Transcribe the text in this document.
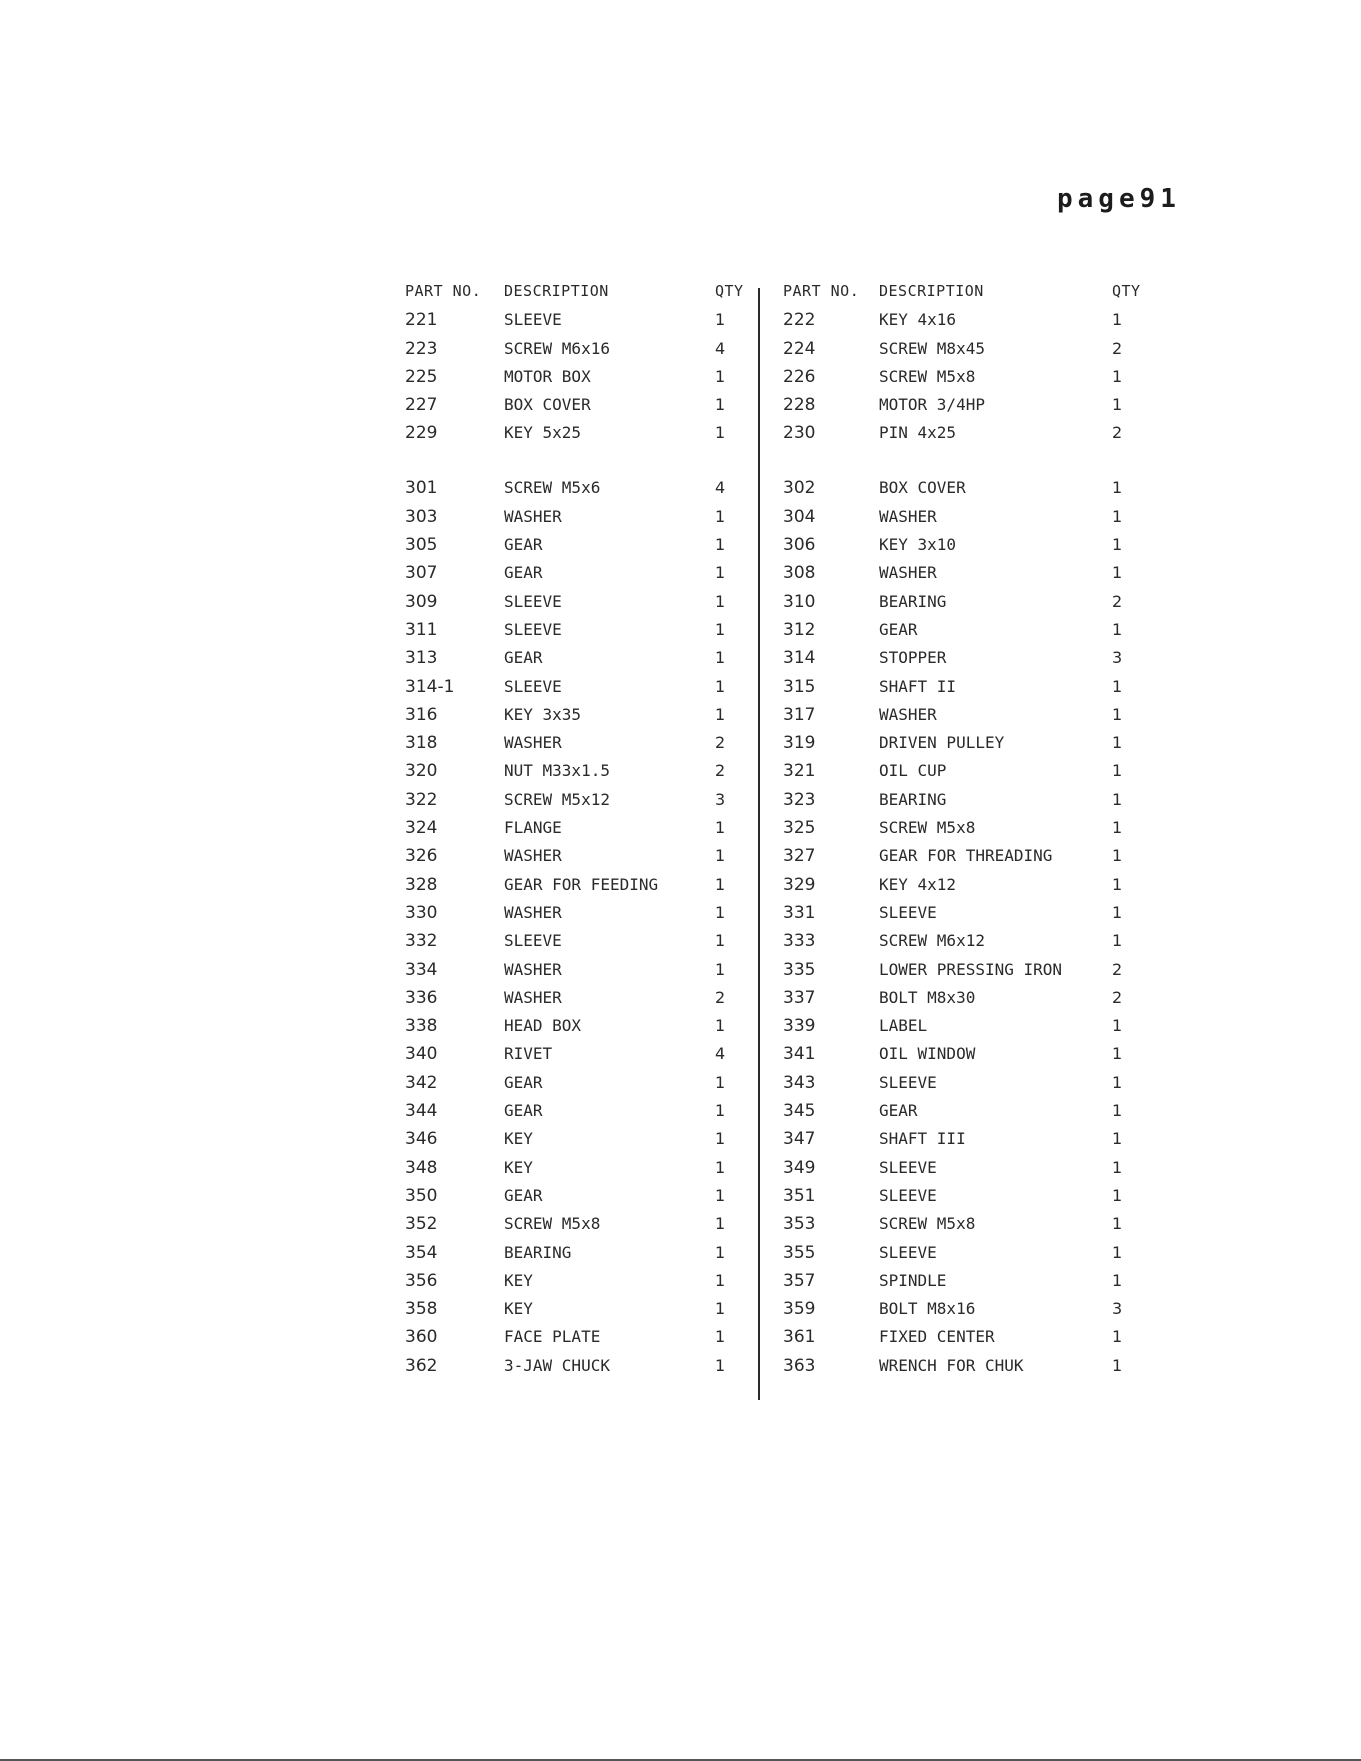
page91
PART NO. DESCRIPTION	QTY	PART NO. DESCRIPTION	QTY
221	SLEEVE	1	222	KEY 4x16	1
223	SCREW M6x16	4	224	SCREW M8x45	2
225	MOTOR BOX	1	226	SCREW M5x8	1
227	BOX COVER	1	228	MOTOR 3/4HP	1
229	KEY 5x25	1	230	PIN 4x25	2
301	SCREW M5x6	4	302	BOX COVER	1
303	WASHER	1	304	WASHER	1
305	GEAR	1	306	KEY 3x10	1
307	GEAR	1	308	WASHER	1
309	SLEEVE	1	310	BEARING	2
311	SLEEVE	1	312	GEAR	1
313	GEAR	1	314	STOPPER	3
314-1	SLEEVE	1	315	SHAFT II	1
316	KEY 3x35	1	317	WASHER	1
318	WASHER	2	319	DRIVEN PULLEY	1
320	NUT M33x1.5	2	321	OIL CUP	1
322	SCREW M5x12	3	323	BEARING	1
324	FLANGE	1	325	SCREW M5x8	1
326	WASHER	1	327	GEAR FOR THREADING	1
328	GEAR FOR FEEDING	1	329	KEY 4x12	1
330	WASHER	1	331	SLEEVE	1
332	SLEEVE	1	333	SCREW M6x12	1
334	WASHER	1	335	LOWER PRESSING IRON	2
336	WASHER	2	337	BOLT M8x30	2
338	HEAD BOX	1	339	LABEL	1
340	RIVET	4	341	OIL WINDOW	1
342	GEAR	1	343	SLEEVE	1
344	GEAR	1	345	GEAR	1
346	KEY	1	347	SHAFT III	1
348	KEY	1	349	SLEEVE	1
350	GEAR	1	351	SLEEVE	1
352	SCREW M5x8	1	353	SCREW M5x8	1
354	BEARING	1	355	SLEEVE	1
356	KEY	1	357	SPINDLE	1
358	KEY	1	359	BOLT M8x16	3
360	FACE PLATE	1	361	FIXED CENTER	1
362	3-JAW CHUCK	1	363	WRENCH FOR CHUK	1
